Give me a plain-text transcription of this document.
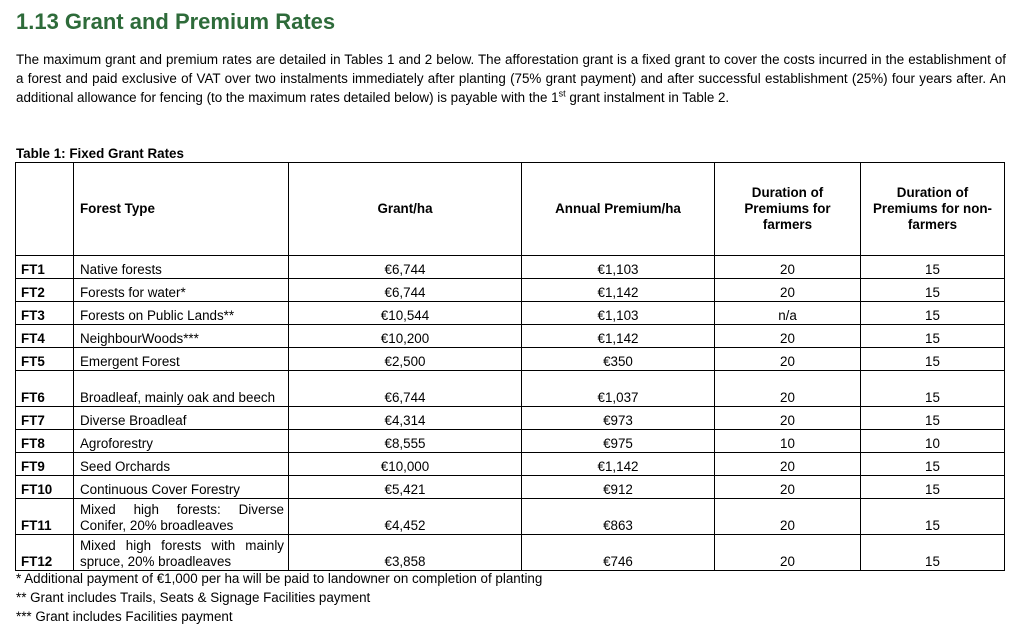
1.13 Grant and Premium Rates

The maximum grant and premium rates are detailed in Tables 1 and 2 below. The afforestation grant is a fixed grant to cover the costs incurred in the establishment of a forest and paid exclusive of VAT over two instalments immediately after planting (75% grant payment) and after successful establishment (25%) four years after. An additional allowance for fencing (to the maximum rates detailed below) is payable with the 1st grant instalment in Table 2.

Table 1: Fixed Grant Rates
	Forest Type	Grant/ha	Annual Premium/ha	Duration of Premiums for farmers	Duration of Premiums for non-farmers
FT1	Native forests	€6,744	€1,103	20	15
FT2	Forests for water*	€6,744	€1,142	20	15
FT3	Forests on Public Lands**	€10,544	€1,103	n/a	15
FT4	NeighbourWoods***	€10,200	€1,142	20	15
FT5	Emergent Forest	€2,500	€350	20	15
FT6	Broadleaf, mainly oak and beech	€6,744	€1,037	20	15
FT7	Diverse Broadleaf	€4,314	€973	20	15
FT8	Agroforestry	€8,555	€975	10	10
FT9	Seed Orchards	€10,000	€1,142	20	15
FT10	Continuous Cover Forestry	€5,421	€912	20	15
FT11	Mixed high forests: Diverse Conifer, 20% broadleaves	€4,452	€863	20	15
FT12	Mixed high forests with mainly spruce, 20% broadleaves	€3,858	€746	20	15
* Additional payment of €1,000 per ha will be paid to landowner on completion of planting
** Grant includes Trails, Seats & Signage Facilities payment
*** Grant includes Facilities payment
